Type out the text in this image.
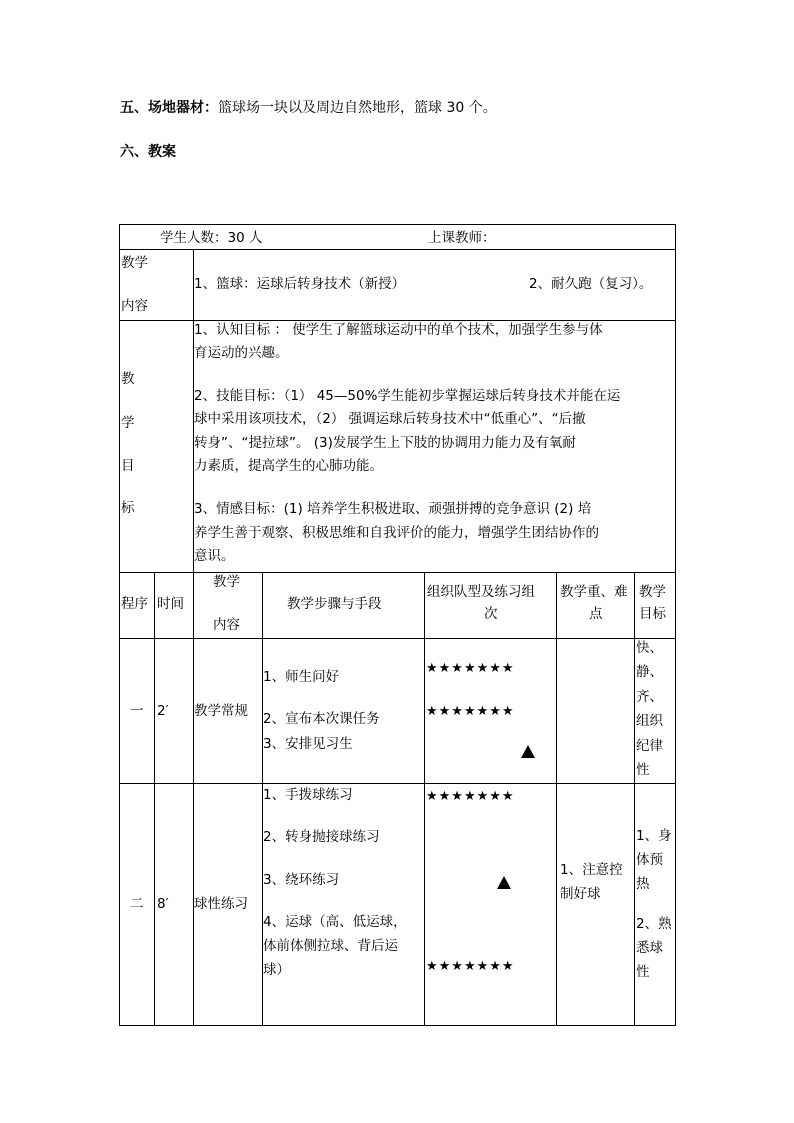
五、场地器材：篮球场一块以及周边自然地形，篮球 30 个。
六、教案
学生人数：30 人	上课教师：
教学
内容
1、篮球：运球后转身技术（新授）	2、耐久跑（复习）。
教
学
目
标
1、认知目标 ： 使学生了解篮球运动中的单个技术，加强学生参与体
育运动的兴趣。
2、技能目标：（1） 45—50%学生能初步掌握运球后转身技术并能在运
球中采用该项技术，（2） 强调运球后转身技术中“低重心”、“后撤
转身”、“提拉球”。 (3)发展学生上下肢的协调用力能力及有氧耐
力素质，提高学生的心肺功能。
3、情感目标：(1) 培养学生积极进取、顽强拼搏的竞争意识 (2) 培
养学生善于观察、积极思维和自我评价的能力，增强学生团结协作的
意识。
程序 时间
教学
内容
教学步骤与手段
组织队型及练习组
次
教学重、难
点
教学
目标
一 2′ 教学常规
1、师生问好
2、宣布本次课任务
3、安排见习生
★★★★★★★
★★★★★★★
快、
静、
齐、
组织
纪律
性
二 8′ 球性练习
1、手拨球练习
2、转身抛接球练习
3、绕环练习
4、运球（高、低运球，
体前体侧拉球、背后运
球）
★★★★★★★
★★★★★★★
1、注意控
制好球
1、身
体预
热
2、熟
悉球
性
